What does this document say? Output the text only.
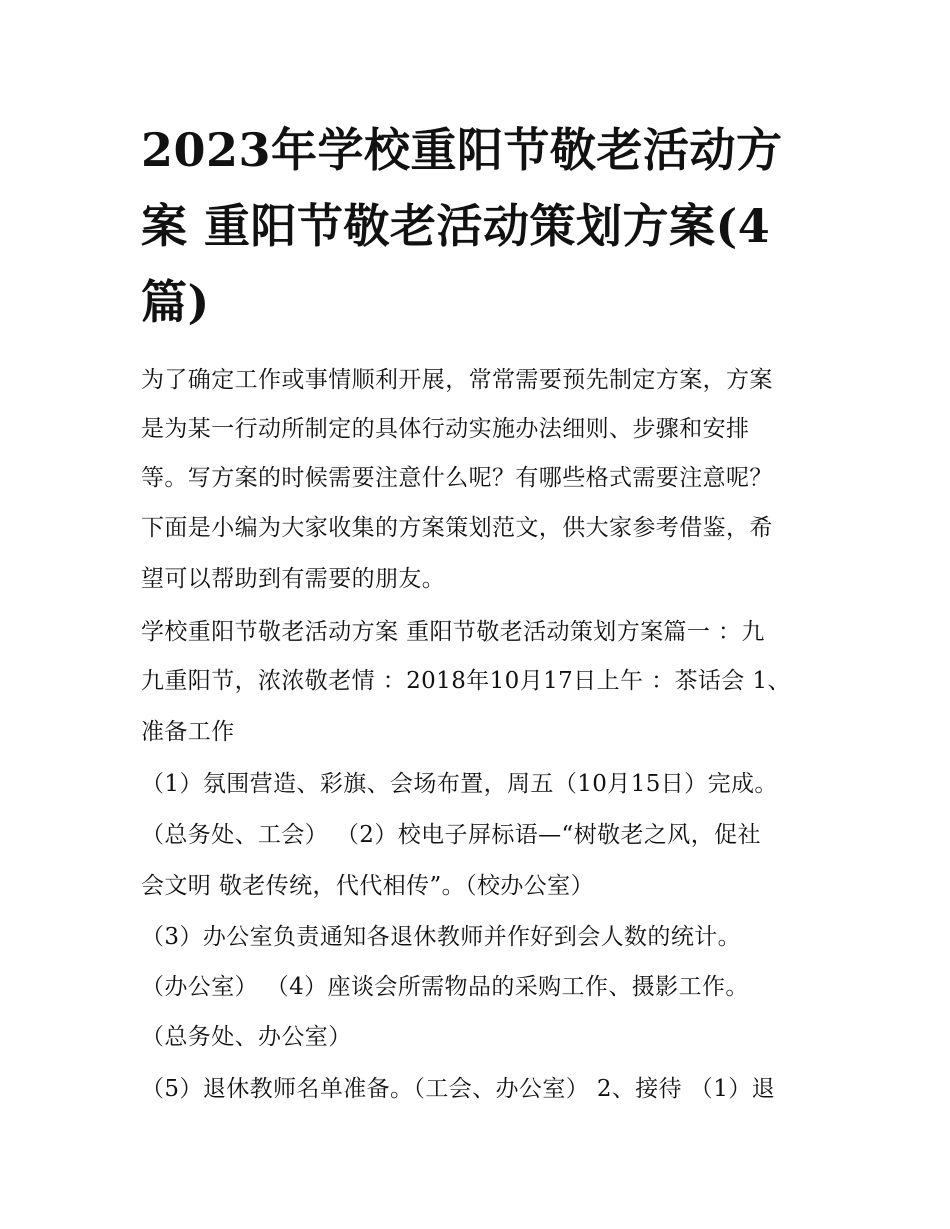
2023年学校重阳节敬老活动方
案 重阳节敬老活动策划方案(4
篇)

为了确定工作或事情顺利开展，常常需要预先制定方案，方案

是为某一行动所制定的具体行动实施办法细则、步骤和安排

等。写方案的时候需要注意什么呢？有哪些格式需要注意呢？

下面是小编为大家收集的方案策划范文，供大家参考借鉴，希

望可以帮助到有需要的朋友。

学校重阳节敬老活动方案 重阳节敬老活动策划方案篇一 ：九

九重阳节，浓浓敬老情 ：2018年10月17日上午 ：茶话会 1、

准备工作

（1）氛围营造、彩旗、会场布置，周五（10月15日）完成。

（总务处、工会） （2）校电子屏标语—“树敬老之风，促社

会文明 敬老传统，代代相传”。（校办公室）

（3）办公室负责通知各退休教师并作好到会人数的统计。

（办公室） （4）座谈会所需物品的采购工作、摄影工作。

（总务处、办公室）

（5）退休教师名单准备。（工会、办公室） 2、接待 （1）退
